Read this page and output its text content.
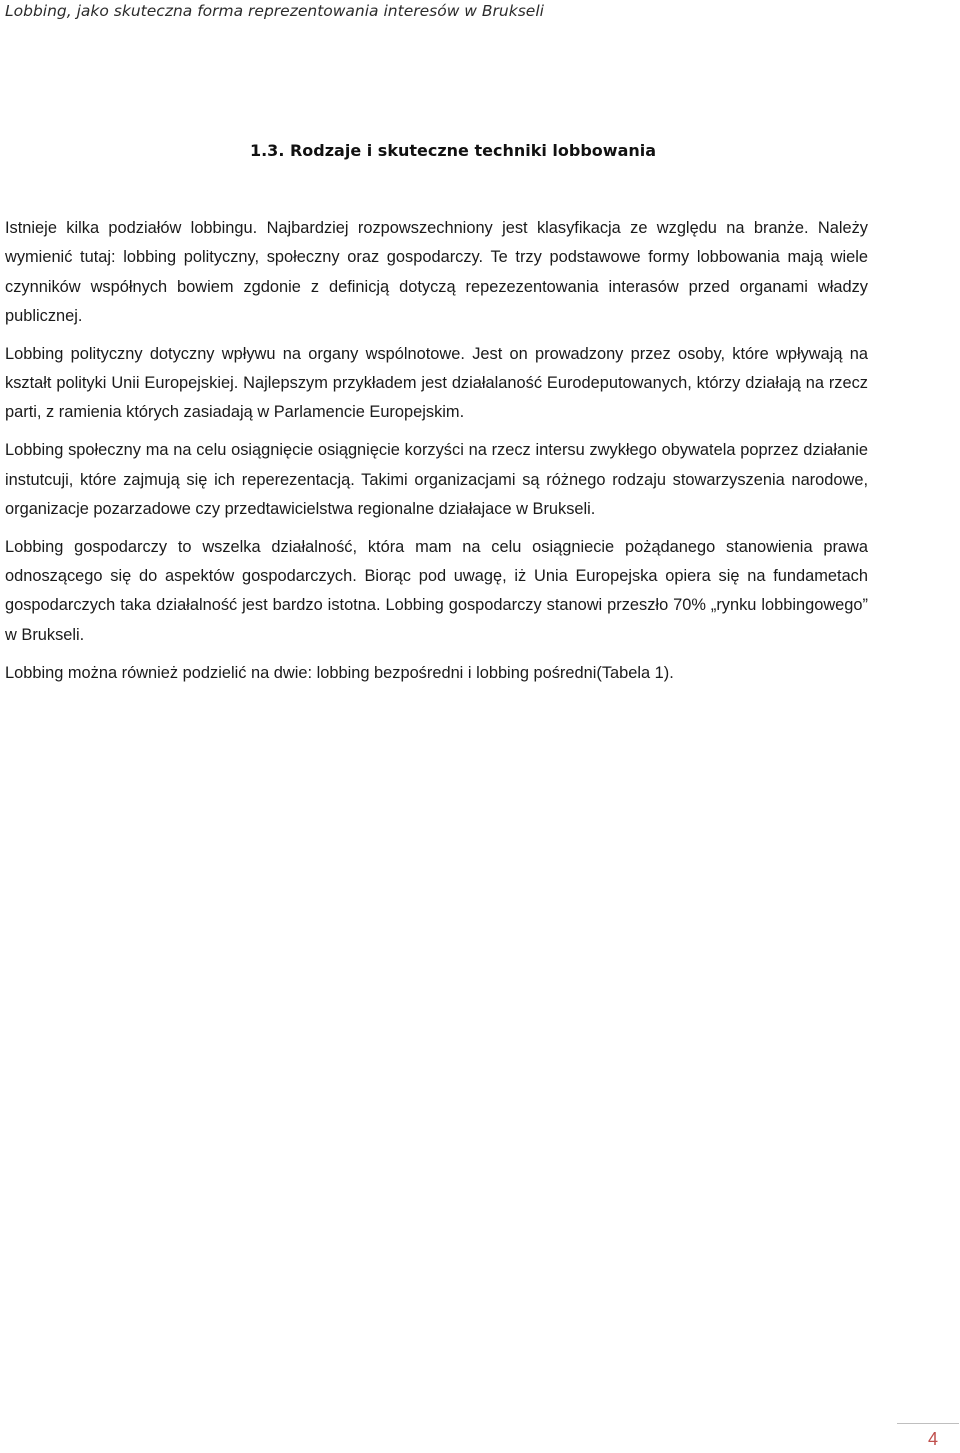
Lobbing, jako skuteczna forma reprezentowania interesów w Brukseli
1.3. Rodzaje i skuteczne techniki lobbowania

Istnieje kilka podziałów lobbingu. Najbardziej rozpowszechniony jest klasyfikacja ze względu na branże. Należy wymienić tutaj: lobbing polityczny, społeczny oraz gospodarczy. Te trzy podstawowe formy lobbowania mają wiele czynników współnych bowiem zgdonie z definicją dotyczą repezezentowania interasów przed organami władzy publicznej.

Lobbing polityczny dotyczny wpływu na organy wspólnotowe. Jest on prowadzony przez osoby, które wpływają na kształt polityki Unii Europejskiej. Najlepszym przykładem jest działalaność Eurodeputowanych, którzy działają na rzecz parti, z ramienia których zasiadają w Parlamencie Europejskim.

Lobbing społeczny ma na celu osiągnięcie osiągnięcie korzyści na rzecz intersu zwykłego obywatela poprzez działanie instutcuji, które zajmują się ich reperezentacją. Takimi organizacjami są różnego rodzaju stowarzyszenia narodowe, organizacje pozarzadowe czy przedtawicielstwa regionalne działajace w Brukseli.

Lobbing gospodarczy to wszelka działalność, która mam na celu osiągniecie pożądanego stanowienia prawa odnoszącego się do aspektów gospodarczych. Biorąc pod uwagę, iż Unia Europejska opiera się na fundametach gospodarczych taka działalność jest bardzo istotna. Lobbing gospodarczy stanowi przeszło 70% „rynku lobbingowego” w Brukseli.

Lobbing można również podzielić na dwie: lobbing bezpośredni i lobbing pośredni(Tabela 1).

4
